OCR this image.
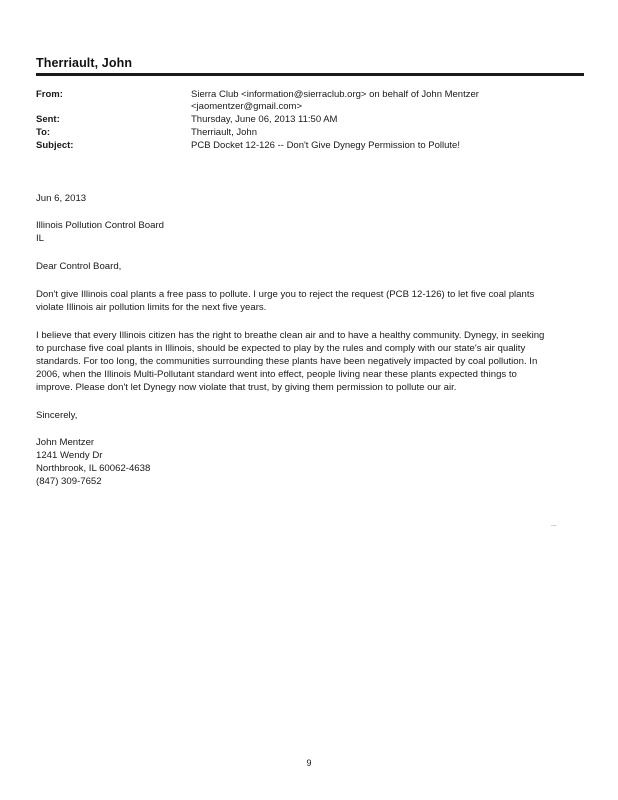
Therriault, John
From:	Sierra Club <information@sierraclub.org> on behalf of John Mentzer
<jaomentzer@gmail.com>
Sent:	Thursday, June 06, 2013 11:50 AM
To:	Therriault, John
Subject:	PCB Docket 12-126 -- Don't Give Dynegy Permission to Pollute!
Jun 6, 2013
Illinois Pollution Control Board
IL
Dear Control Board,
Don't give Illinois coal plants a free pass to pollute. I urge you to reject the request (PCB 12-126) to let five coal plants
violate Illinois air pollution limits for the next five years.
I believe that every Illinois citizen has the right to breathe clean air and to have a healthy community. Dynegy, in seeking
to purchase five coal plants in Illinois, should be expected to play by the rules and comply with our state's air quality
standards. For too long, the communities surrounding these plants have been negatively impacted by coal pollution. In
2006, when the Illinois Multi-Pollutant standard went into effect, people living near these plants expected things to
improve. Please don't let Dynegy now violate that trust, by giving them permission to pollute our air.
Sincerely,
John Mentzer
1241 Wendy Dr
Northbrook, IL 60062-4638
(847) 309-7652
...
9
